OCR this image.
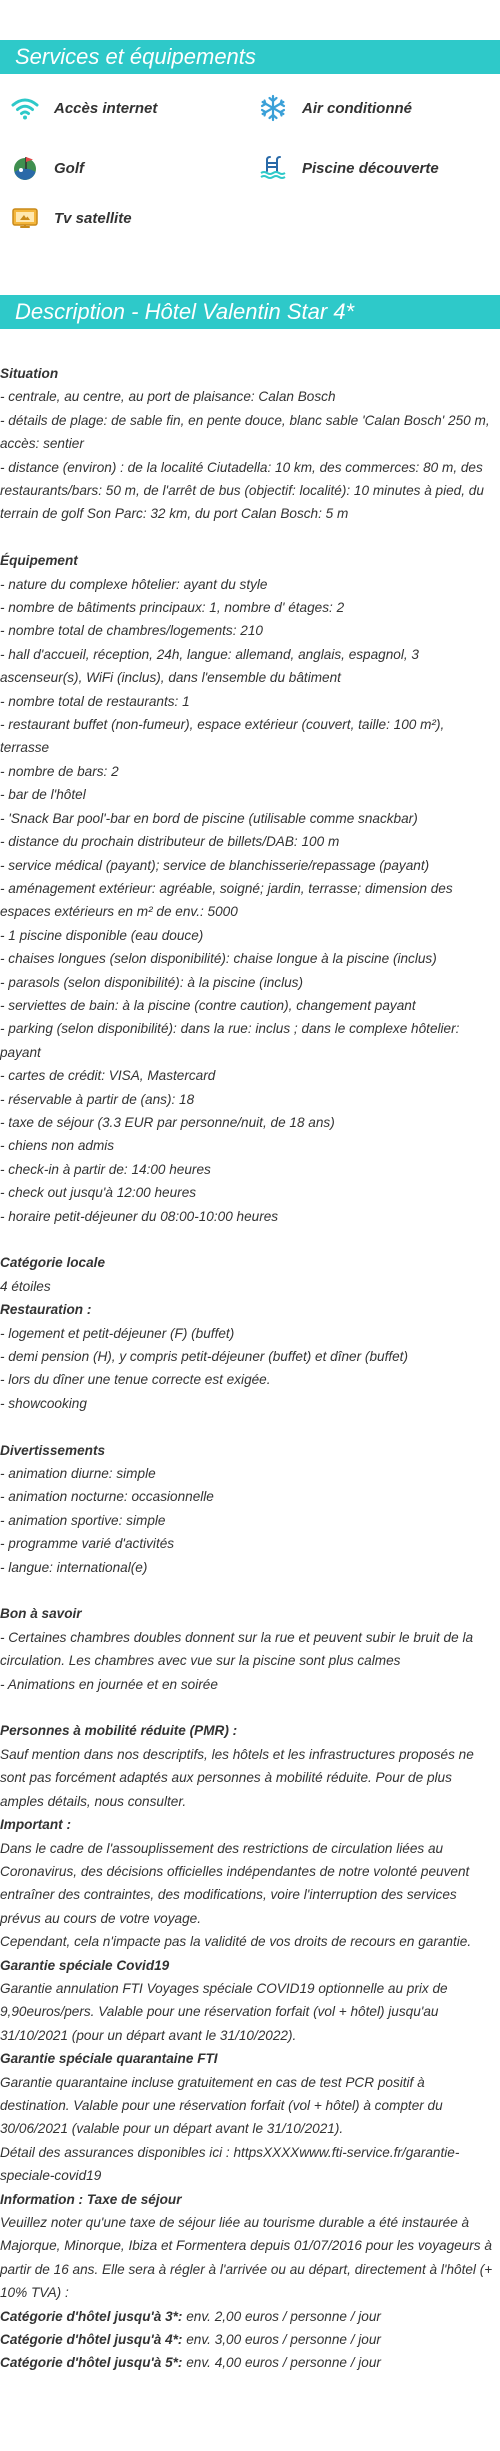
Services et équipements
Accès internet	Air conditionné
Golf	Piscine découverte
Tv satellite
Description - Hôtel Valentin Star 4*
Situation
- centrale, au centre, au port de plaisance: Calan Bosch
- détails de plage: de sable fin, en pente douce, blanc sable 'Calan Bosch' 250 m, accès: sentier
- distance (environ) : de la localité Ciutadella: 10 km, des commerces: 80 m, des restaurants/bars: 50 m, de l'arrêt de bus (objectif: localité): 10 minutes à pied, du terrain de golf Son Parc: 32 km, du port Calan Bosch: 5 m
Équipement
- nature du complexe hôtelier: ayant du style
- nombre de bâtiments principaux: 1, nombre d' étages: 2
- nombre total de chambres/logements: 210
- hall d'accueil, réception, 24h, langue: allemand, anglais, espagnol, 3 ascenseur(s), WiFi (inclus), dans l'ensemble du bâtiment
- nombre total de restaurants: 1
- restaurant buffet (non-fumeur), espace extérieur (couvert, taille: 100 m²), terrasse
- nombre de bars: 2
- bar de l'hôtel
- 'Snack Bar pool'-bar en bord de piscine (utilisable comme snackbar)
- distance du prochain distributeur de billets/DAB: 100 m
- service médical (payant); service de blanchisserie/repassage (payant)
- aménagement extérieur: agréable, soigné; jardin, terrasse; dimension des espaces extérieurs en m² de env.: 5000
- 1 piscine disponible (eau douce)
- chaises longues (selon disponibilité): chaise longue à la piscine (inclus)
- parasols (selon disponibilité): à la piscine (inclus)
- serviettes de bain: à la piscine (contre caution), changement payant
- parking (selon disponibilité): dans la rue: inclus ; dans le complexe hôtelier: payant
- cartes de crédit: VISA, Mastercard
- réservable à partir de (ans): 18
- taxe de séjour (3.3 EUR par personne/nuit, de 18 ans)
- chiens non admis
- check-in à partir de: 14:00 heures
- check out jusqu'à 12:00 heures
- horaire petit-déjeuner du 08:00-10:00 heures
Catégorie locale
4 étoiles
Restauration :
- logement et petit-déjeuner (F) (buffet)
- demi pension (H), y compris petit-déjeuner (buffet) et dîner (buffet)
- lors du dîner une tenue correcte est exigée.
- showcooking
Divertissements
- animation diurne: simple
- animation nocturne: occasionnelle
- animation sportive: simple
- programme varié d'activités
- langue: international(e)
Bon à savoir
- Certaines chambres doubles donnent sur la rue et peuvent subir le bruit de la circulation. Les chambres avec vue sur la piscine sont plus calmes
- Animations en journée et en soirée
Personnes à mobilité réduite (PMR) :
Sauf mention dans nos descriptifs, les hôtels et les infrastructures proposés ne sont pas forcément adaptés aux personnes à mobilité réduite. Pour de plus amples détails, nous consulter.
Important :
Dans le cadre de l'assouplissement des restrictions de circulation liées au Coronavirus, des décisions officielles indépendantes de notre volonté peuvent entraîner des contraintes, des modifications, voire l'interruption des services prévus au cours de votre voyage.
Cependant, cela n'impacte pas la validité de vos droits de recours en garantie.
Garantie spéciale Covid19
Garantie annulation FTI Voyages spéciale COVID19 optionnelle au prix de 9,90euros/pers. Valable pour une réservation forfait (vol + hôtel) jusqu'au 31/10/2021 (pour un départ avant le 31/10/2022).
Garantie spéciale quarantaine FTI
Garantie quarantaine incluse gratuitement en cas de test PCR positif à destination. Valable pour une réservation forfait (vol + hôtel) à compter du 30/06/2021 (valable pour un départ avant le 31/10/2021).
Détail des assurances disponibles ici : httpsXXXXwww.fti-service.fr/garantie-speciale-covid19
Information : Taxe de séjour
Veuillez noter qu'une taxe de séjour liée au tourisme durable a été instaurée à Majorque, Minorque, Ibiza et Formentera depuis 01/07/2016 pour les voyageurs à partir de 16 ans. Elle sera à régler à l'arrivée ou au départ, directement à l'hôtel (+ 10% TVA) :
Catégorie d'hôtel jusqu'à 3*: env. 2,00 euros / personne / jour
Catégorie d'hôtel jusqu'à 4*: env. 3,00 euros / personne / jour
Catégorie d'hôtel jusqu'à 5*: env. 4,00 euros / personne / jour
